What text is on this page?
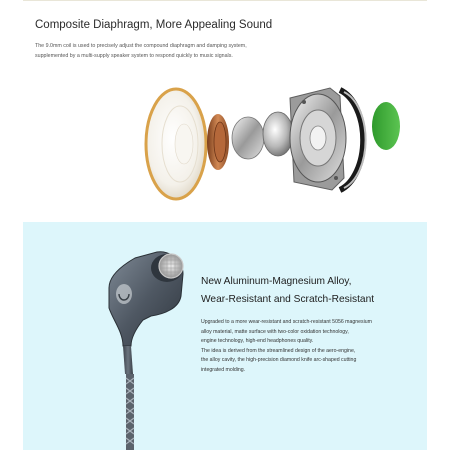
Composite Diaphragm, More Appealing Sound
The 9.0mm coil is used to precisely adjust the compound diaphragm and damping system,
supplemented by a multi-supply speaker system to respond quickly to music signals.
New Aluminum-Magnesium Alloy,
Wear-Resistant and Scratch-Resistant
Upgraded to a more wear-resistant and scratch-resistant 5056 magnesium
alloy material, matte surface with two-color oxidation technology,
engine technology, high-end headphones quality.
The idea is derived from the streamlined design of the aero-engine,
the alloy cavity, the high-precision diamond knife arc-shaped cutting
integrated molding.
